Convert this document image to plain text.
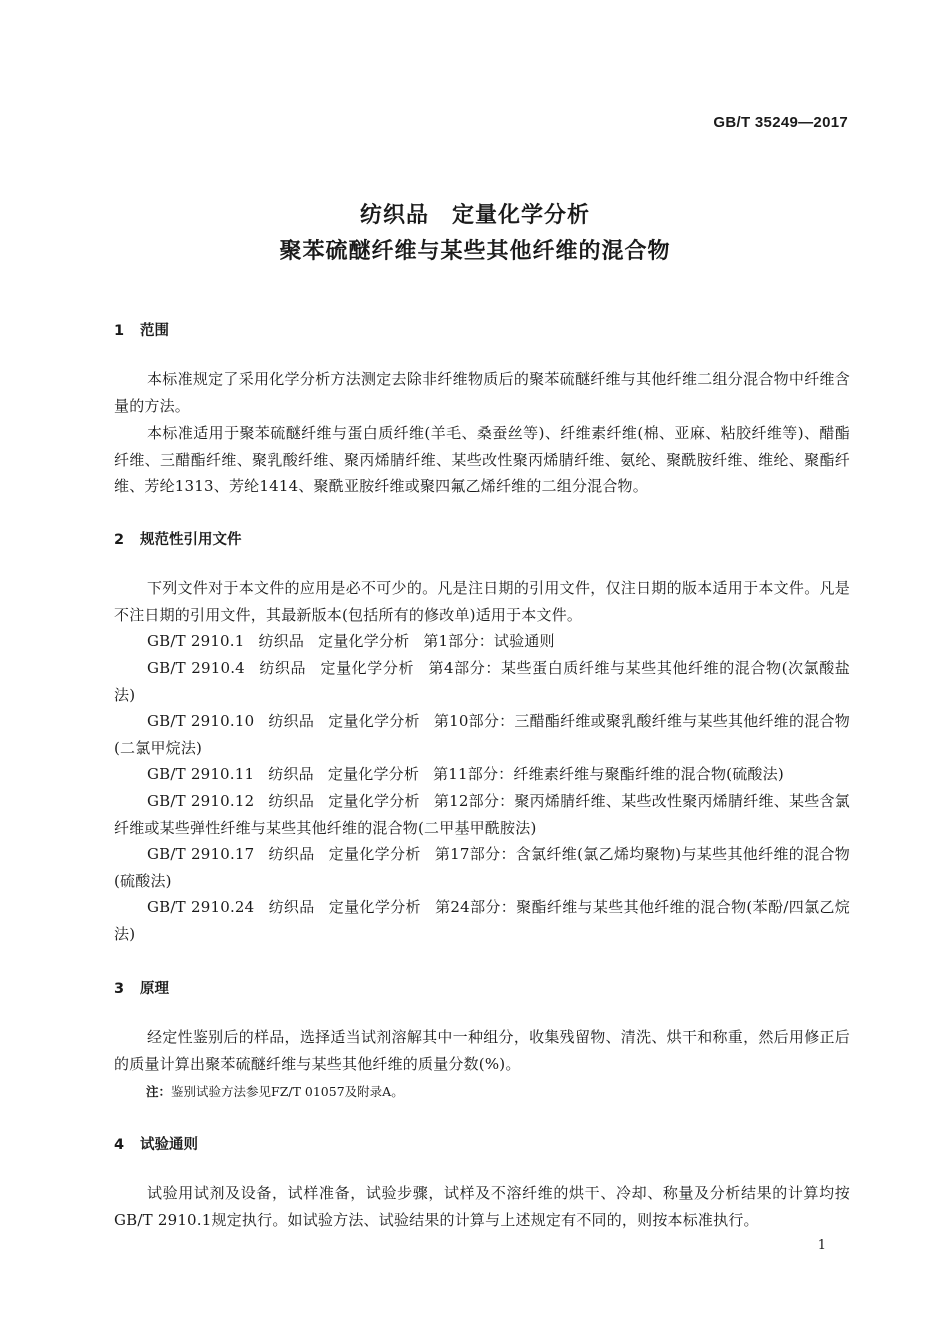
GB/T 35249—2017
纺织品　定量化学分析
聚苯硫醚纤维与某些其他纤维的混合物
1 范围
本标准规定了采用化学分析方法测定去除非纤维物质后的聚苯硫醚纤维与其他纤维二组分混合物中纤维含量的方法。
本标准适用于聚苯硫醚纤维与蛋白质纤维(羊毛、桑蚕丝等)、纤维素纤维(棉、亚麻、粘胶纤维等)、醋酯纤维、三醋酯纤维、聚乳酸纤维、聚丙烯腈纤维、某些改性聚丙烯腈纤维、氨纶、聚酰胺纤维、维纶、聚酯纤维、芳纶1313、芳纶1414、聚酰亚胺纤维或聚四氟乙烯纤维的二组分混合物。
2 规范性引用文件
下列文件对于本文件的应用是必不可少的。凡是注日期的引用文件，仅注日期的版本适用于本文件。凡是不注日期的引用文件，其最新版本(包括所有的修改单)适用于本文件。
GB/T 2910.1 纺织品 定量化学分析 第1部分：试验通则
GB/T 2910.4 纺织品 定量化学分析 第4部分：某些蛋白质纤维与某些其他纤维的混合物(次氯酸盐法)
GB/T 2910.10 纺织品 定量化学分析 第10部分：三醋酯纤维或聚乳酸纤维与某些其他纤维的混合物(二氯甲烷法)
GB/T 2910.11 纺织品 定量化学分析 第11部分：纤维素纤维与聚酯纤维的混合物(硫酸法)
GB/T 2910.12 纺织品 定量化学分析 第12部分：聚丙烯腈纤维、某些改性聚丙烯腈纤维、某些含氯纤维或某些弹性纤维与某些其他纤维的混合物(二甲基甲酰胺法)
GB/T 2910.17 纺织品 定量化学分析 第17部分：含氯纤维(氯乙烯均聚物)与某些其他纤维的混合物(硫酸法)
GB/T 2910.24 纺织品 定量化学分析 第24部分：聚酯纤维与某些其他纤维的混合物(苯酚/四氯乙烷法)
3 原理
经定性鉴别后的样品，选择适当试剂溶解其中一种组分，收集残留物、清洗、烘干和称重，然后用修正后的质量计算出聚苯硫醚纤维与某些其他纤维的质量分数(%)。
注：鉴别试验方法参见FZ/T 01057及附录A。
4 试验通则
试验用试剂及设备，试样准备，试验步骤，试样及不溶纤维的烘干、冷却、称量及分析结果的计算均按GB/T 2910.1规定执行。如试验方法、试验结果的计算与上述规定有不同的，则按本标准执行。
1
